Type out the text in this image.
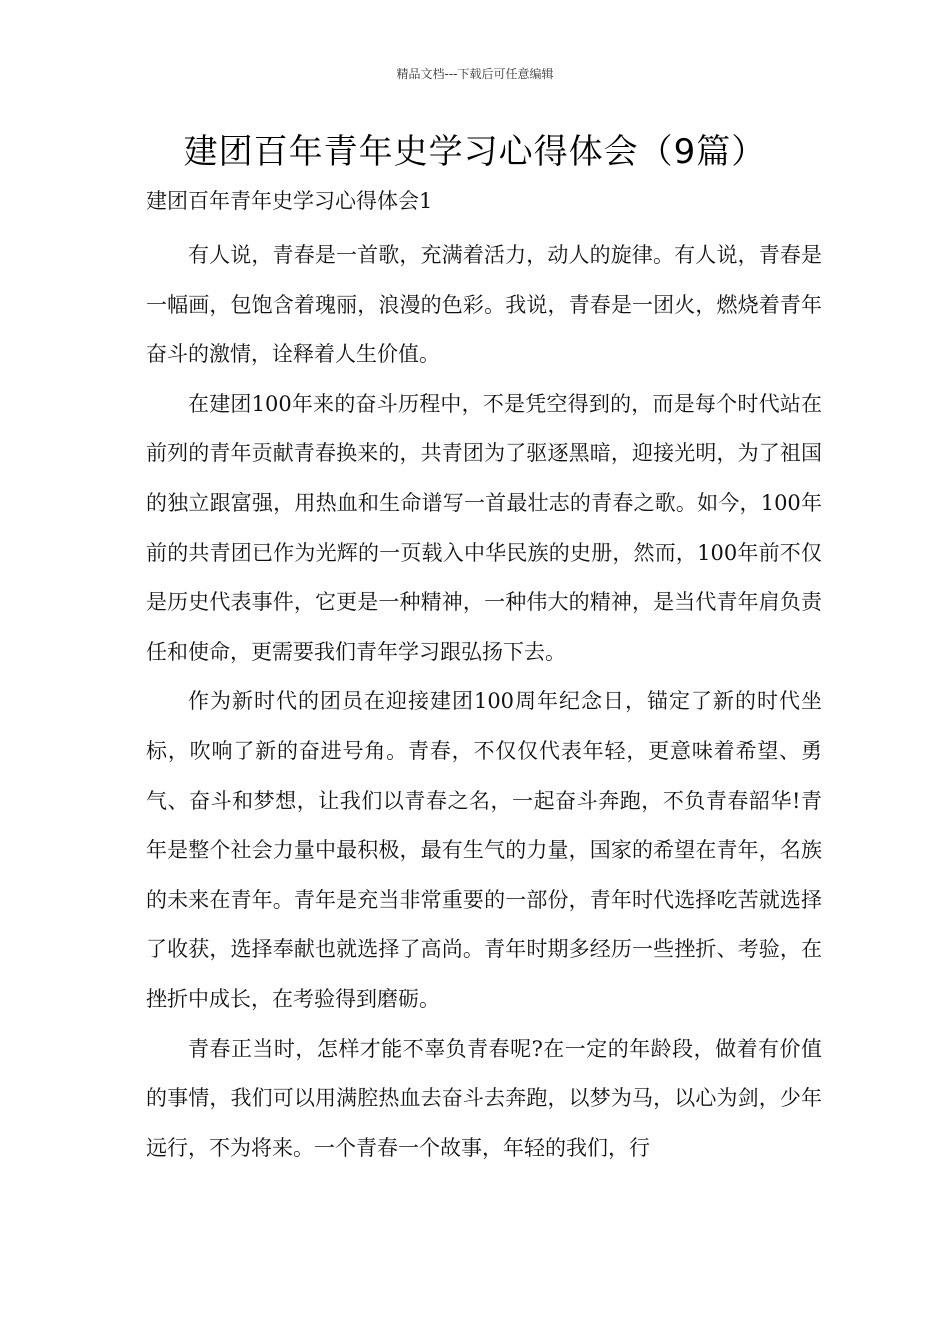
精品文档---下载后可任意编辑
建团百年青年史学习心得体会（9篇）
建团百年青年史学习心得体会1

有人说，青春是一首歌，充满着活力，动人的旋律。有人说，青春是一幅画，包饱含着瑰丽，浪漫的色彩。我说，青春是一团火，燃烧着青年奋斗的激情，诠释着人生价值。

在建团100年来的奋斗历程中，不是凭空得到的，而是每个时代站在前列的青年贡献青春换来的，共青团为了驱逐黑暗，迎接光明，为了祖国的独立跟富强，用热血和生命谱写一首最壮志的青春之歌。如今，100年前的共青团已作为光辉的一页载入中华民族的史册，然而，100年前不仅是历史代表事件，它更是一种精神，一种伟大的精神，是当代青年肩负责任和使命，更需要我们青年学习跟弘扬下去。

作为新时代的团员在迎接建团100周年纪念日，锚定了新的时代坐标，吹响了新的奋进号角。青春，不仅仅代表年轻，更意味着希望、勇气、奋斗和梦想，让我们以青春之名，一起奋斗奔跑，不负青春韶华!青年是整个社会力量中最积极，最有生气的力量，国家的希望在青年，名族的未来在青年。青年是充当非常重要的一部份，青年时代选择吃苦就选择了收获，选择奉献也就选择了高尚。青年时期多经历一些挫折、考验，在挫折中成长，在考验得到磨砺。

青春正当时，怎样才能不辜负青春呢?在一定的年龄段，做着有价值的事情，我们可以用满腔热血去奋斗去奔跑，以梦为马，以心为剑，少年远行，不为将来。一个青春一个故事，年轻的我们，行
